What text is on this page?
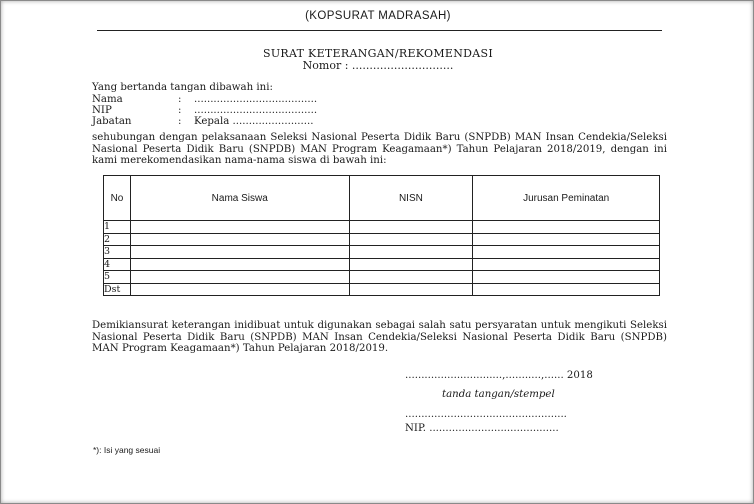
(KOPSURAT MADRASAH)
SURAT KETERANGAN/REKOMENDASI
Nomor : .............................
Yang bertanda tangan dibawah ini:
Nama	: ......................................
NIP	: ......................................
Jabatan	: Kepala .........................
sehubungan dengan pelaksanaan Seleksi Nasional Peserta Didik Baru (SNPDB) MAN Insan Cendekia/Seleksi Nasional Peserta Didik Baru (SNPDB) MAN Program Keagamaan*) Tahun Pelajaran 2018/2019, dengan ini kami merekomendasikan nama-nama siswa di bawah ini:
No	Nama Siswa	NISN	Jurusan Peminatan
1			
2			
3			
4			
5			
Dst			
Demikiansurat keterangan inidibuat untuk digunakan sebagai salah satu persyaratan untuk mengikuti Seleksi Nasional Peserta Didik Baru (SNPDB) MAN Insan Cendekia/Seleksi Nasional Peserta Didik Baru (SNPDB) MAN Program Keagamaan*) Tahun Pelajaran 2018/2019.
..............................,...........,...... 2018
tanda tangan/stempel
..................................................
NIP. ........................................
*): Isi yang sesuai
